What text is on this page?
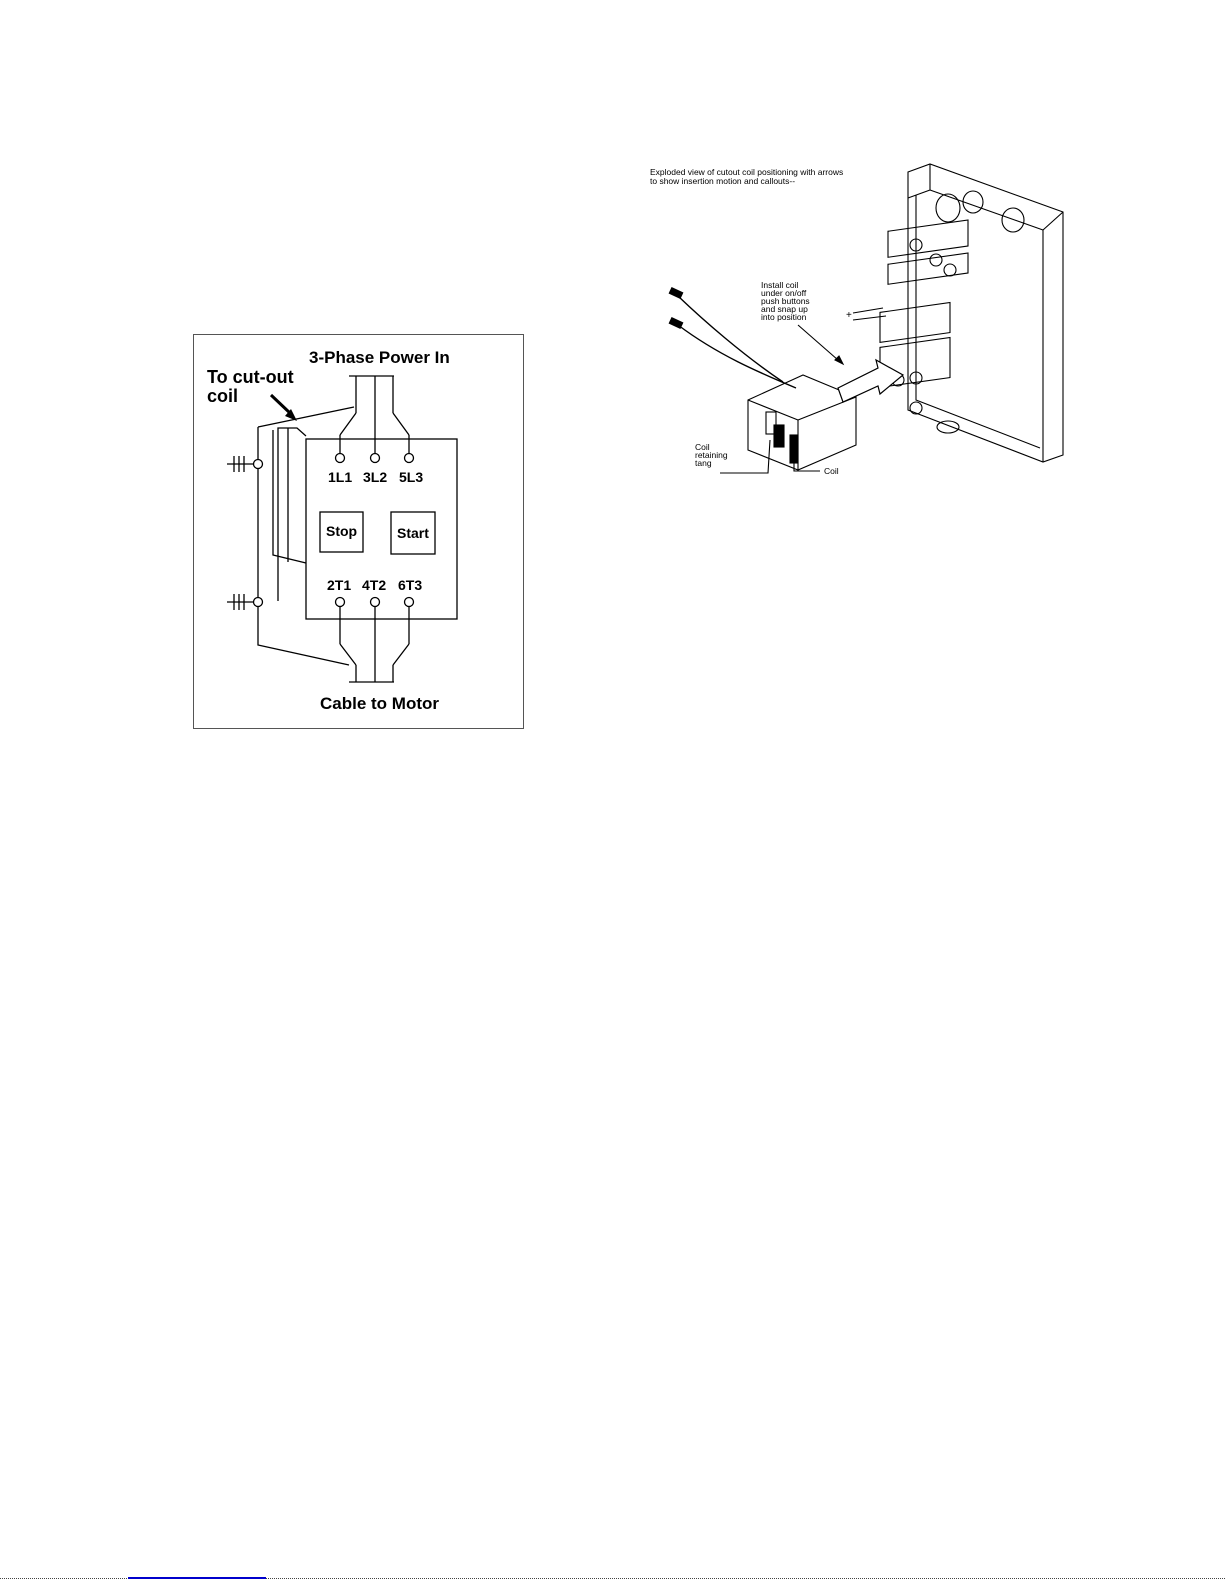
3-Phase Power In
To cut-out
coil
1L1 3L2 5L3
Stop	Start
2T1 4T2 6T3
Cable to Motor
Exploded view of cutout coil positioning with arrows
to show insertion motion and callouts--
Install coil
under on/off
push buttons
and snap up
into position
Coil
retaining
tang
Coil
+
